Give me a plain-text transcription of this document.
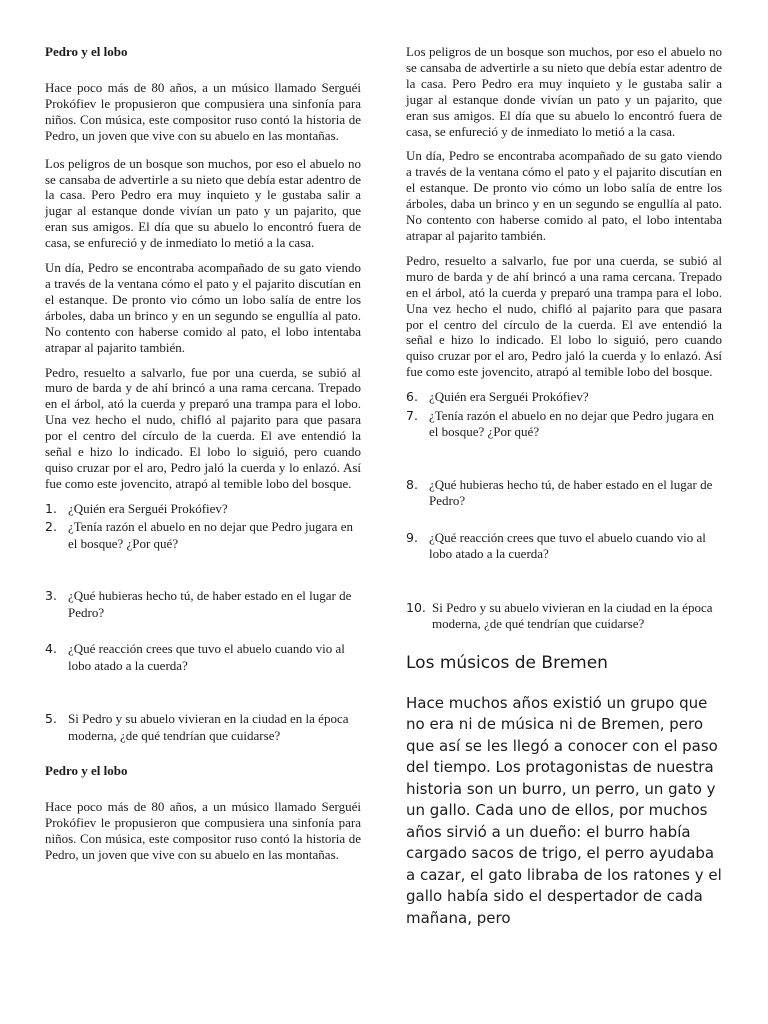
Pedro y el lobo

Hace poco más de 80 años, a un músico llamado Serguéi Prokófiev le propusieron que compusiera una sinfonía para niños. Con música, este compositor ruso contó la historia de Pedro, un joven que vive con su abuelo en las montañas.

Los peligros de un bosque son muchos, por eso el abuelo no se cansaba de advertirle a su nieto que debía estar adentro de la casa. Pero Pedro era muy inquieto y le gustaba salir a jugar al estanque donde vivían un pato y un pajarito, que eran sus amigos. El día que su abuelo lo encontró fuera de casa, se enfureció y de inmediato lo metió a la casa.

Un día, Pedro se encontraba acompañado de su gato viendo a través de la ventana cómo el pato y el pajarito discutían en el estanque. De pronto vio cómo un lobo salía de entre los árboles, daba un brinco y en un segundo se engullía al pato. No contento con haberse comido al pato, el lobo intentaba atrapar al pajarito también.

Pedro, resuelto a salvarlo, fue por una cuerda, se subió al muro de barda y de ahí brincó a una rama cercana. Trepado en el árbol, ató la cuerda y preparó una trampa para el lobo. Una vez hecho el nudo, chifló al pajarito para que pasara por el centro del círculo de la cuerda. El ave entendió la señal e hizo lo indicado. El lobo lo siguió, pero cuando quiso cruzar por el aro, Pedro jaló la cuerda y lo enlazó. Así fue como este jovencito, atrapó al temible lobo del bosque.

1. ¿Quién era Serguéi Prokófiev?
2. ¿Tenía razón el abuelo en no dejar que Pedro jugara en el bosque? ¿Por qué?
3. ¿Qué hubieras hecho tú, de haber estado en el lugar de Pedro?
4. ¿Qué reacción crees que tuvo el abuelo cuando vio al lobo atado a la cuerda?
5. Si Pedro y su abuelo vivieran en la ciudad en la época moderna, ¿de qué tendrían que cuidarse?
Pedro y el lobo

Hace poco más de 80 años, a un músico llamado Serguéi Prokófiev le propusieron que compusiera una sinfonía para niños. Con música, este compositor ruso contó la historia de Pedro, un joven que vive con su abuelo en las montañas.

Los peligros de un bosque son muchos, por eso el abuelo no se cansaba de advertirle a su nieto que debía estar adentro de la casa. Pero Pedro era muy inquieto y le gustaba salir a jugar al estanque donde vivían un pato y un pajarito, que eran sus amigos. El día que su abuelo lo encontró fuera de casa, se enfureció y de inmediato lo metió a la casa.

Un día, Pedro se encontraba acompañado de su gato viendo a través de la ventana cómo el pato y el pajarito discutían en el estanque. De pronto vio cómo un lobo salía de entre los árboles, daba un brinco y en un segundo se engullía al pato. No contento con haberse comido al pato, el lobo intentaba atrapar al pajarito también.

Pedro, resuelto a salvarlo, fue por una cuerda, se subió al muro de barda y de ahí brincó a una rama cercana. Trepado en el árbol, ató la cuerda y preparó una trampa para el lobo. Una vez hecho el nudo, chifló al pajarito para que pasara por el centro del círculo de la cuerda. El ave entendió la señal e hizo lo indicado. El lobo lo siguió, pero cuando quiso cruzar por el aro, Pedro jaló la cuerda y lo enlazó. Así fue como este jovencito, atrapó al temible lobo del bosque.

6. ¿Quién era Serguéi Prokófiev?
7. ¿Tenía razón el abuelo en no dejar que Pedro jugara en el bosque? ¿Por qué?
8. ¿Qué hubieras hecho tú, de haber estado en el lugar de Pedro?
9. ¿Qué reacción crees que tuvo el abuelo cuando vio al lobo atado a la cuerda?
10. Si Pedro y su abuelo vivieran en la ciudad en la época moderna, ¿de qué tendrían que cuidarse?
Los músicos de Bremen

Hace muchos años existió un grupo que no era ni de música ni de Bremen, pero que así se les llegó a conocer con el paso del tiempo. Los protagonistas de nuestra historia son un burro, un perro, un gato y un gallo. Cada uno de ellos, por muchos años sirvió a un dueño: el burro había cargado sacos de trigo, el perro ayudaba a cazar, el gato libraba de los ratones y el gallo había sido el despertador de cada mañana, pero
